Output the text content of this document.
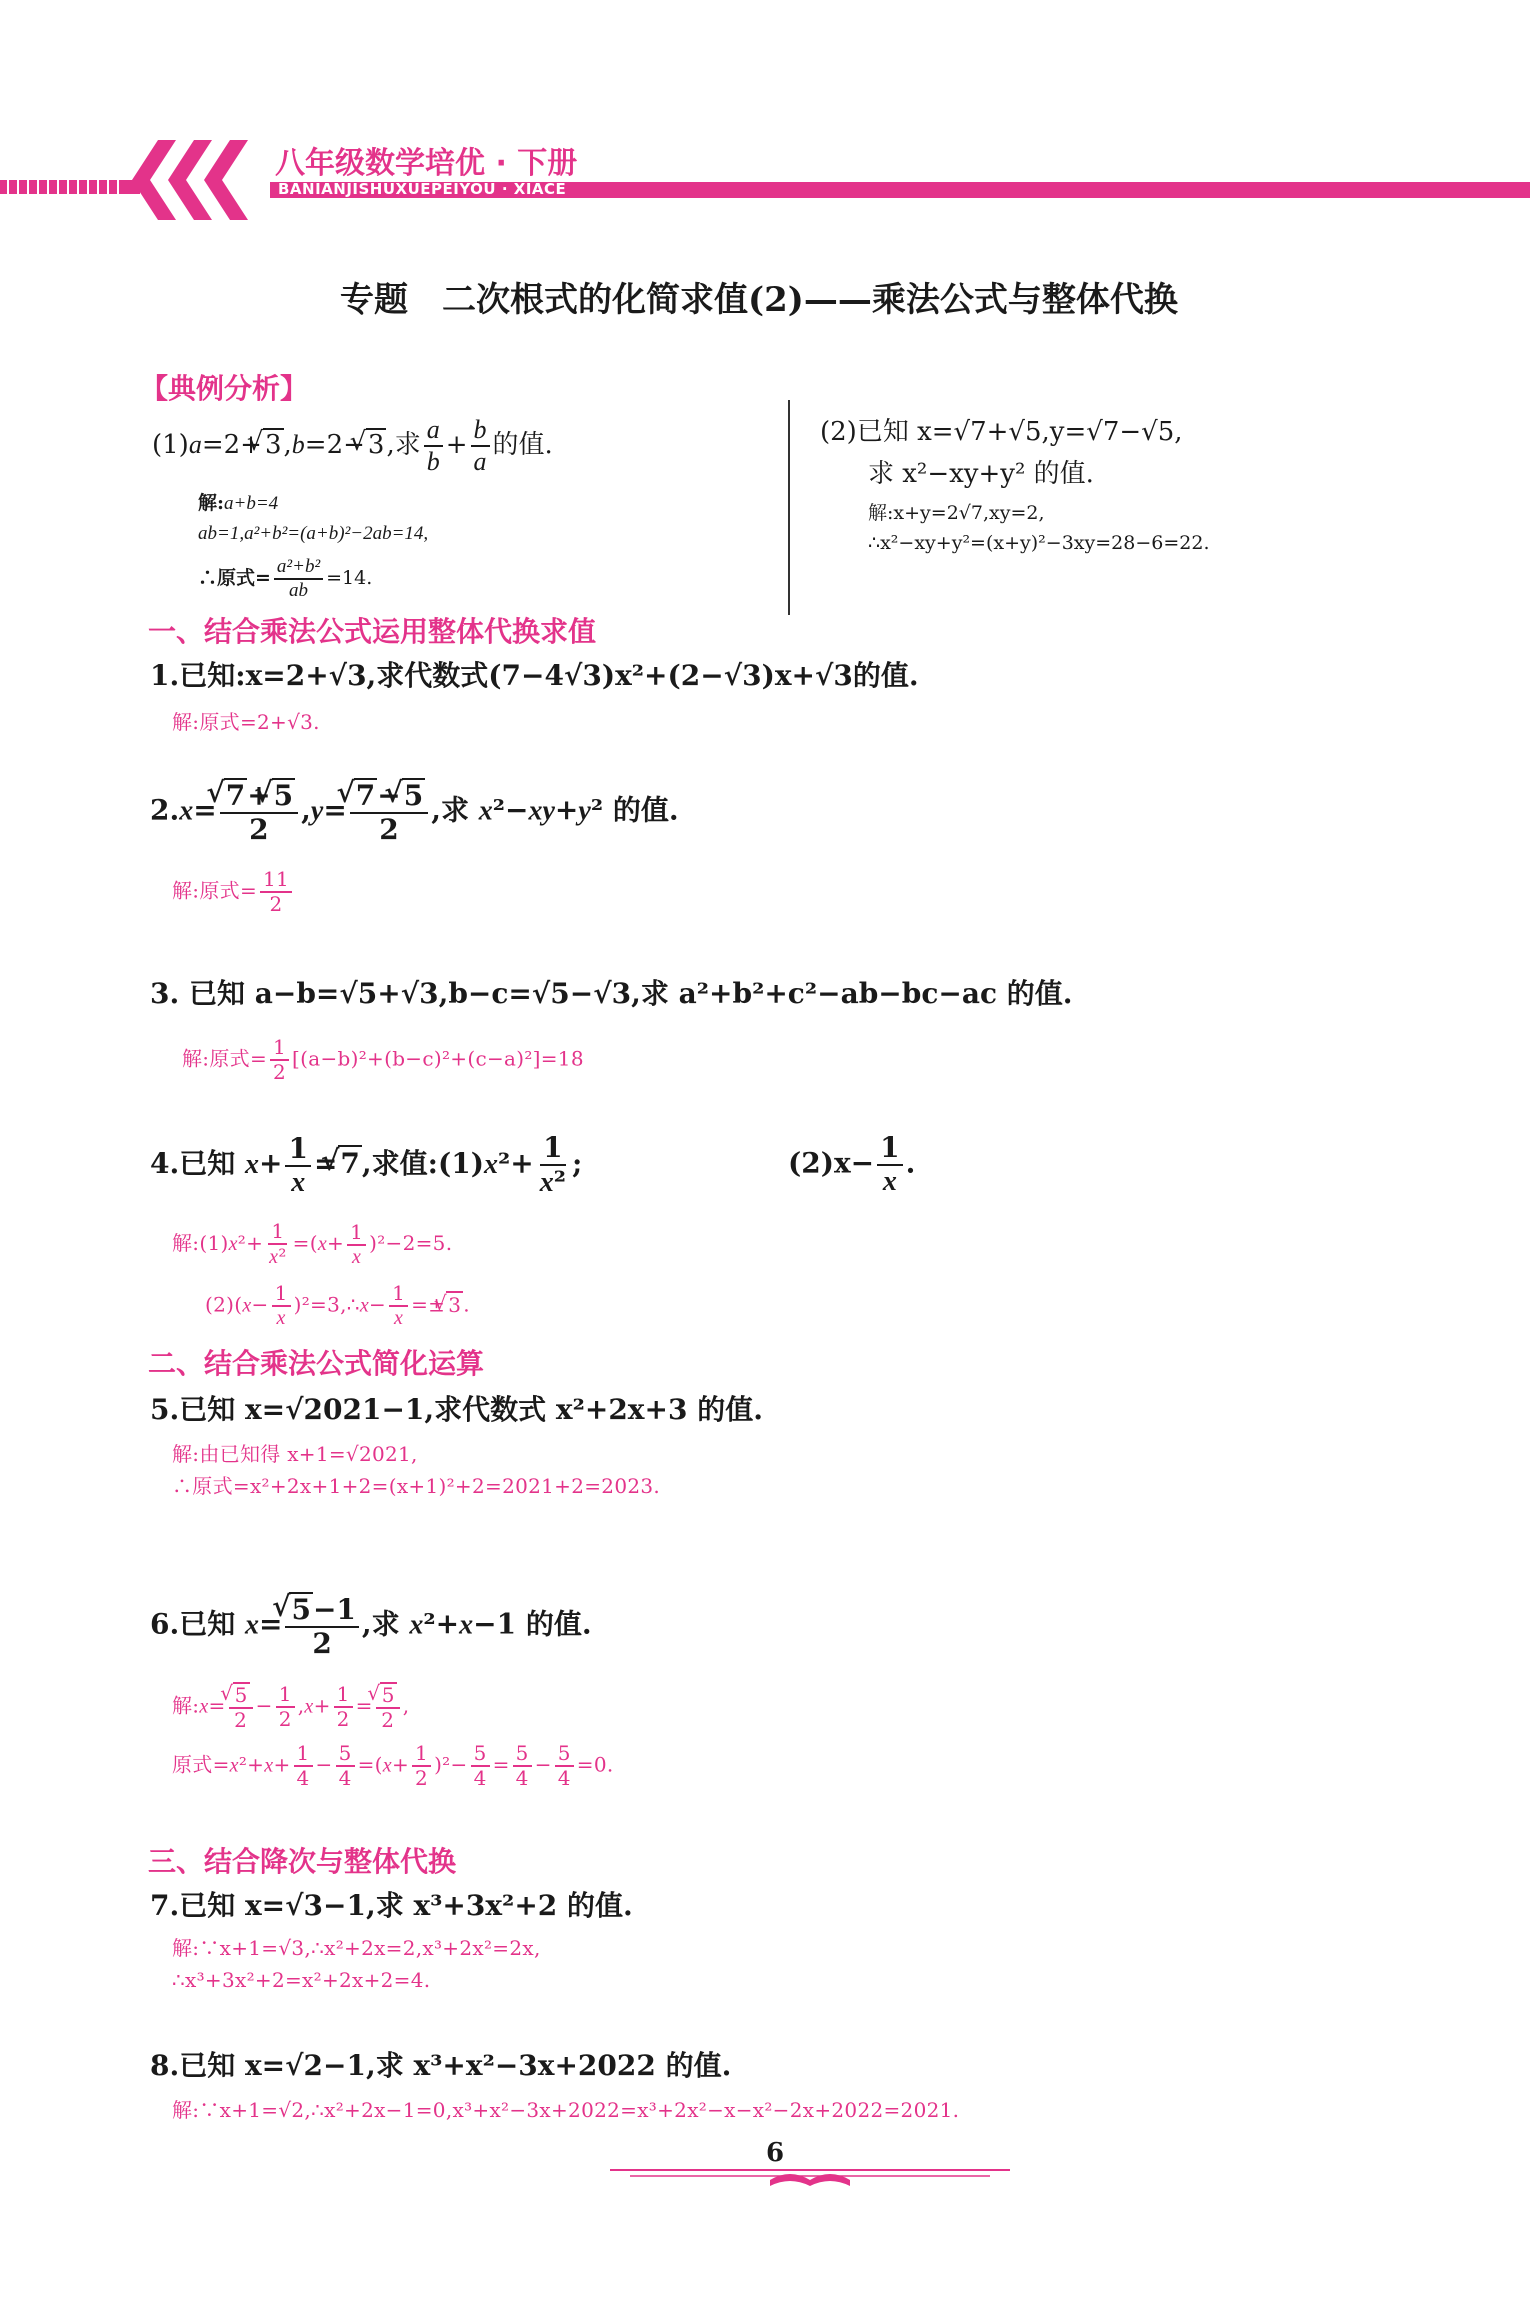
八年级数学培优 · 下册
BANIANJISHUXUEPEIYOU · XIACE
专题　二次根式的化简求值(2)——乘法公式与整体代换
【典例分析】
(1)a=2+ √ 3,b=2− √ 3,求 $\frac{a}{b} + \frac{b}{a}$ 的值.
解:a+b=4
ab=1,a²+b²=(a+b)²−2ab=14,
∴原式= $\frac{\text{a²+b²}}{ab} =14$.
(2)已知 x=√7+√5,y=√7−√5,
求 x²−xy+y² 的值.
解:x+y=2√7,xy=2,
∴x²−xy+y²=(x+y)²−3xy=28−6=22.
一、结合乘法公式运用整体代换求值
1.已知:x=2+√3,求代数式(7−4√3)x²+(2−√3)x+√3的值.
解:原式=2+√3.
2.x= √ $\frac{7+ √ 5}{2} ,y=$ √ $\frac{7- √ 5}{2}$ ,求 x²−xy+y² 的值.
解:原式= $\frac{11}{2}$
3. 已知 a−b=√5+√3,b−c=√5−√3,求 a²+b²+c²−ab−bc−ac 的值.
解:原式= $\frac{1}{2} [(a-b)^2+(b-c)^2+(c-a)^2]=18$
4.已知 $x+ \frac{1}{x}$ = √ 7,求值:(1)x²+ $\frac{1}{\text{x²}}$ ;	$(2)x- \frac{1}{x}$ .
解:(1)x²+ $\frac{1}{\text{x²}} =(x+ \frac{1}{x} )^2-2=5$.
$(2)(x- \frac{1}{x}$ )²=3,∴x− $\frac{1}{x}$ =± √ 3 .
二、结合乘法公式简化运算
5.已知 x=√2021−1,求代数式 x²+2x+3 的值.
解:由已知得 x+1=√2021,
∴原式=x²+2x+1+2=(x+1)²+2=2021+2=2023.
6.已知 x= √ $\frac{5-1}{2}$ ,求 x²+x−1 的值.
解:x= √ $\frac{5}{2} - \frac{1}{2} ,x+ \frac{1}{2}$ = √ $\frac{5}{2}$ ,
原式$=x^2+x+ \frac{1}{4} - \frac{5}{4} =(x+ \frac{1}{2} )^2- \frac{5}{4} = \frac{5}{4} - \frac{5}{4} =0$.
三、结合降次与整体代换
7.已知 x=√3−1,求 x³+3x²+2 的值.
解:∵x+1=√3,∴x²+2x=2,x³+2x²=2x,
∴x³+3x²+2=x²+2x+2=4.
8.已知 x=√2−1,求 x³+x²−3x+2022 的值.
解:∵x+1=√2,∴x²+2x−1=0,x³+x²−3x+2022=x³+2x²−x−x²−2x+2022=2021.
6
